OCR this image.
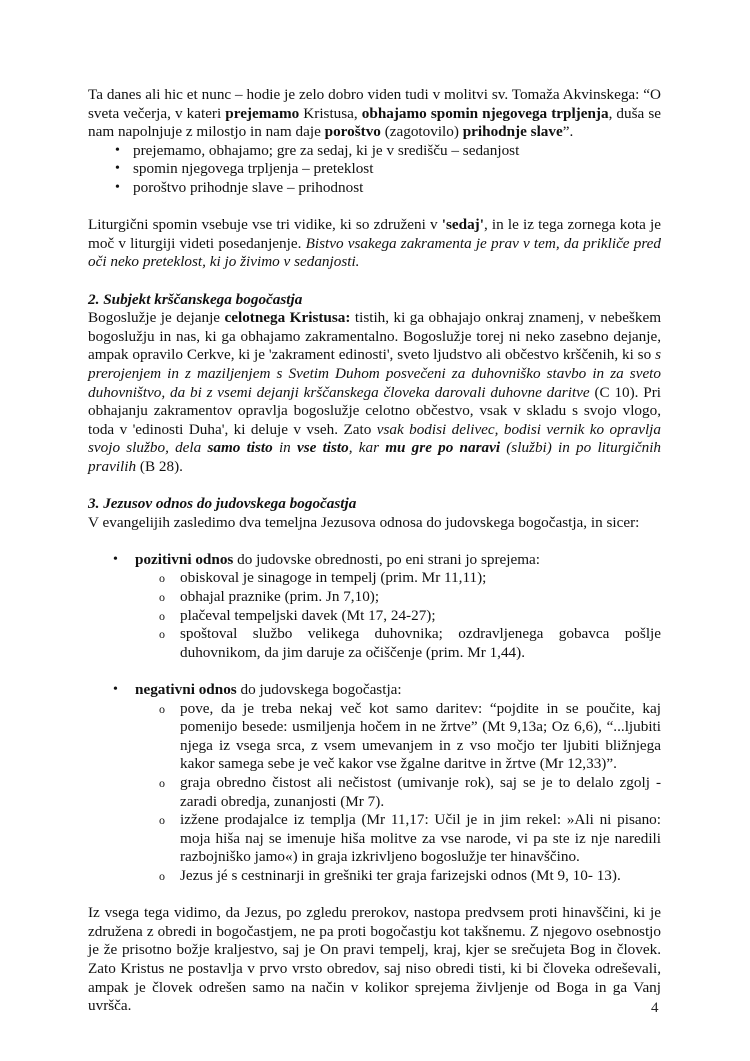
Ta danes ali hic et nunc – hodie je zelo dobro viden tudi v molitvi sv. Tomaža Akvinskega: “O sveta večerja, v kateri prejemamo Kristusa, obhajamo spomin njegovega trpljenja, duša se nam napolnjuje z milostjo in nam daje poroštvo (zagotovilo) prihodnje slave”.

• prejemamo, obhajamo; gre za sedaj, ki je v središču – sedanjost
• spomin njegovega trpljenja – preteklost
• poroštvo prihodnje slave – prihodnost

Liturgični spomin vsebuje vse tri vidike, ki so združeni v 'sedaj', in le iz tega zornega kota je moč v liturgiji videti posedanjenje. Bistvo vsakega zakramenta je prav v tem, da prikliče pred oči neko preteklost, ki jo živimo v sedanjosti.

2. Subjekt krščanskega bogočastja

Bogoslužje je dejanje celotnega Kristusa: tistih, ki ga obhajajo onkraj znamenj, v nebeškem bogoslužju in nas, ki ga obhajamo zakramentalno. Bogoslužje torej ni neko zasebno dejanje, ampak opravilo Cerkve, ki je 'zakrament edinosti', sveto ljudstvo ali občestvo krščenih, ki so s prerojenjem in z maziljenjem s Svetim Duhom posvečeni za duhovniško stavbo in za sveto duhovništvo, da bi z vsemi dejanji krščanskega človeka darovali duhovne daritve (C 10). Pri obhajanju zakramentov opravlja bogoslužje celotno občestvo, vsak v skladu s svojo vlogo, toda v 'edinosti Duha', ki deluje v vseh. Zato vsak bodisi delivec, bodisi vernik ko opravlja svojo službo, dela samo tisto in vse tisto, kar mu gre po naravi (službi) in po liturgičnih pravilih (B 28).

3. Jezusov odnos do judovskega bogočastja

V evangelijih zasledimo dva temeljna Jezusova odnosa do judovskega bogočastja, in sicer:

• pozitivni odnos do judovske obrednosti, po eni strani jo sprejema:
o obiskoval je sinagoge in tempelj (prim. Mr 11,11);
o obhajal praznike (prim. Jn 7,10);
o plačeval tempeljski davek (Mt 17, 24-27);
o spoštoval službo velikega duhovnika; ozdravljenega gobavca pošlje duhovnikom, da jim daruje za očiščenje (prim. Mr 1,44).
• negativni odnos do judovskega bogočastja:
o pove, da je treba nekaj več kot samo daritev: “pojdite in se poučite, kaj pomenijo besede: usmiljenja hočem in ne žrtve” (Mt 9,13a; Oz 6,6), “...ljubiti njega iz vsega srca, z vsem umevanjem in z vso močjo ter ljubiti bližnjega kakor samega sebe je več kakor vse žgalne daritve in žrtve (Mr 12,33)”.
o graja obredno čistost ali nečistost (umivanje rok), saj se je to delalo zgolj - zaradi obredja, zunanjosti (Mr 7).
o izžene prodajalce iz templja (Mr 11,17: Učil je in jim rekel: »Ali ni pisano: moja hiša naj se imenuje hiša molitve za vse narode, vi pa ste iz nje naredili razbojniško jamo«) in graja izkrivljeno bogoslužje ter hinavščino.
o Jezus jé s cestninarji in grešniki ter graja farizejski odnos (Mt 9, 10- 13).

Iz vsega tega vidimo, da Jezus, po zgledu prerokov, nastopa predvsem proti hinavščini, ki je združena z obredi in bogočastjem, ne pa proti bogočastju kot takšnemu. Z njegovo osebnostjo je že prisotno božje kraljestvo, saj je On pravi tempelj, kraj, kjer se srečujeta Bog in človek. Zato Kristus ne postavlja v prvo vrsto obredov, saj niso obredi tisti, ki bi človeka odreševali, ampak je človek odrešen samo na način v kolikor sprejema življenje od Boga in ga Vanj uvršča.	4
